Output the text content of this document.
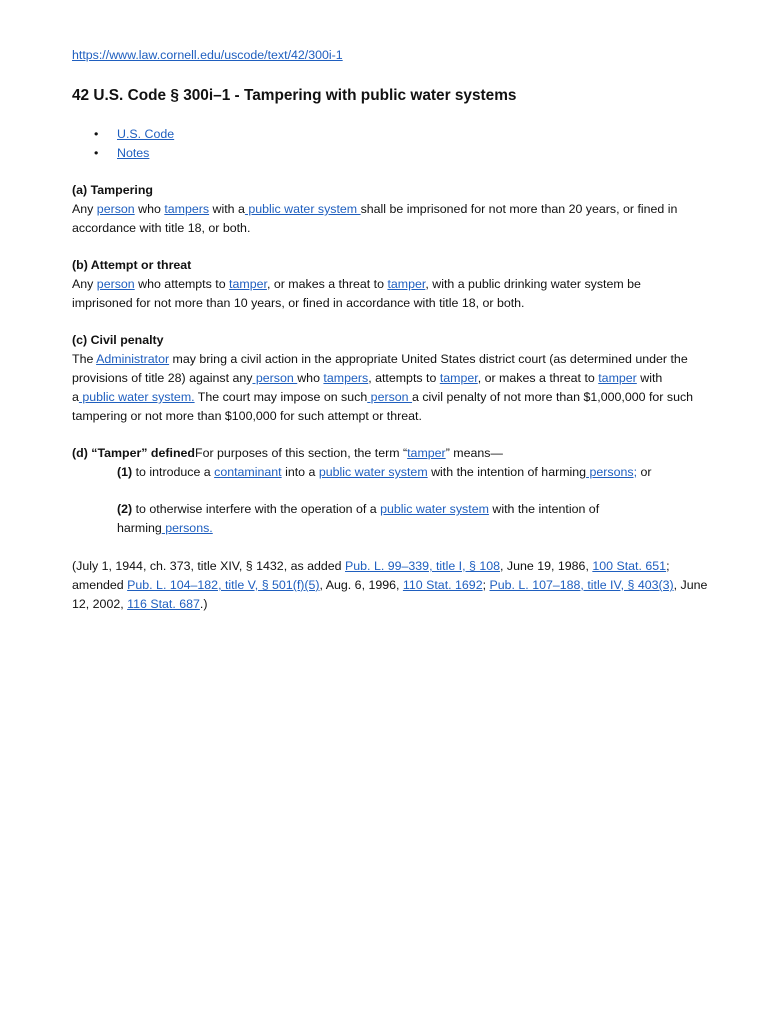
https://www.law.cornell.edu/uscode/text/42/300i-1
42 U.S. Code § 300i–1 - Tampering with public water systems
• U.S. Code
• Notes
(a) Tampering
Any person who tampers with a public water system shall be imprisoned for not more than 20 years, or fined in
accordance with title 18, or both.
(b) Attempt or threat
Any person who attempts to tamper, or makes a threat to tamper, with a public drinking water system be
imprisoned for not more than 10 years, or fined in accordance with title 18, or both.
(c) Civil penalty
The Administrator may bring a civil action in the appropriate United States district court (as determined under the
provisions of title 28) against any person who tampers, attempts to tamper, or makes a threat to tamper with
a public water system. The court may impose on such person a civil penalty of not more than $1,000,000 for such
tampering or not more than $100,000 for such attempt or threat.
(d) “Tamper” definedFor purposes of this section, the term “tamper” means—
(1) to introduce a contaminant into a public water system with the intention of harming persons; or
(2) to otherwise interfere with the operation of a public water system with the intention of
harming persons.
(July 1, 1944, ch. 373, title XIV, § 1432, as added Pub. L. 99–339, title I, § 108, June 19, 1986, 100 Stat. 651;
amended Pub. L. 104–182, title V, § 501(f)(5), Aug. 6, 1996, 110 Stat. 1692; Pub. L. 107–188, title IV, § 403(3), June
12, 2002, 116 Stat. 687.)
